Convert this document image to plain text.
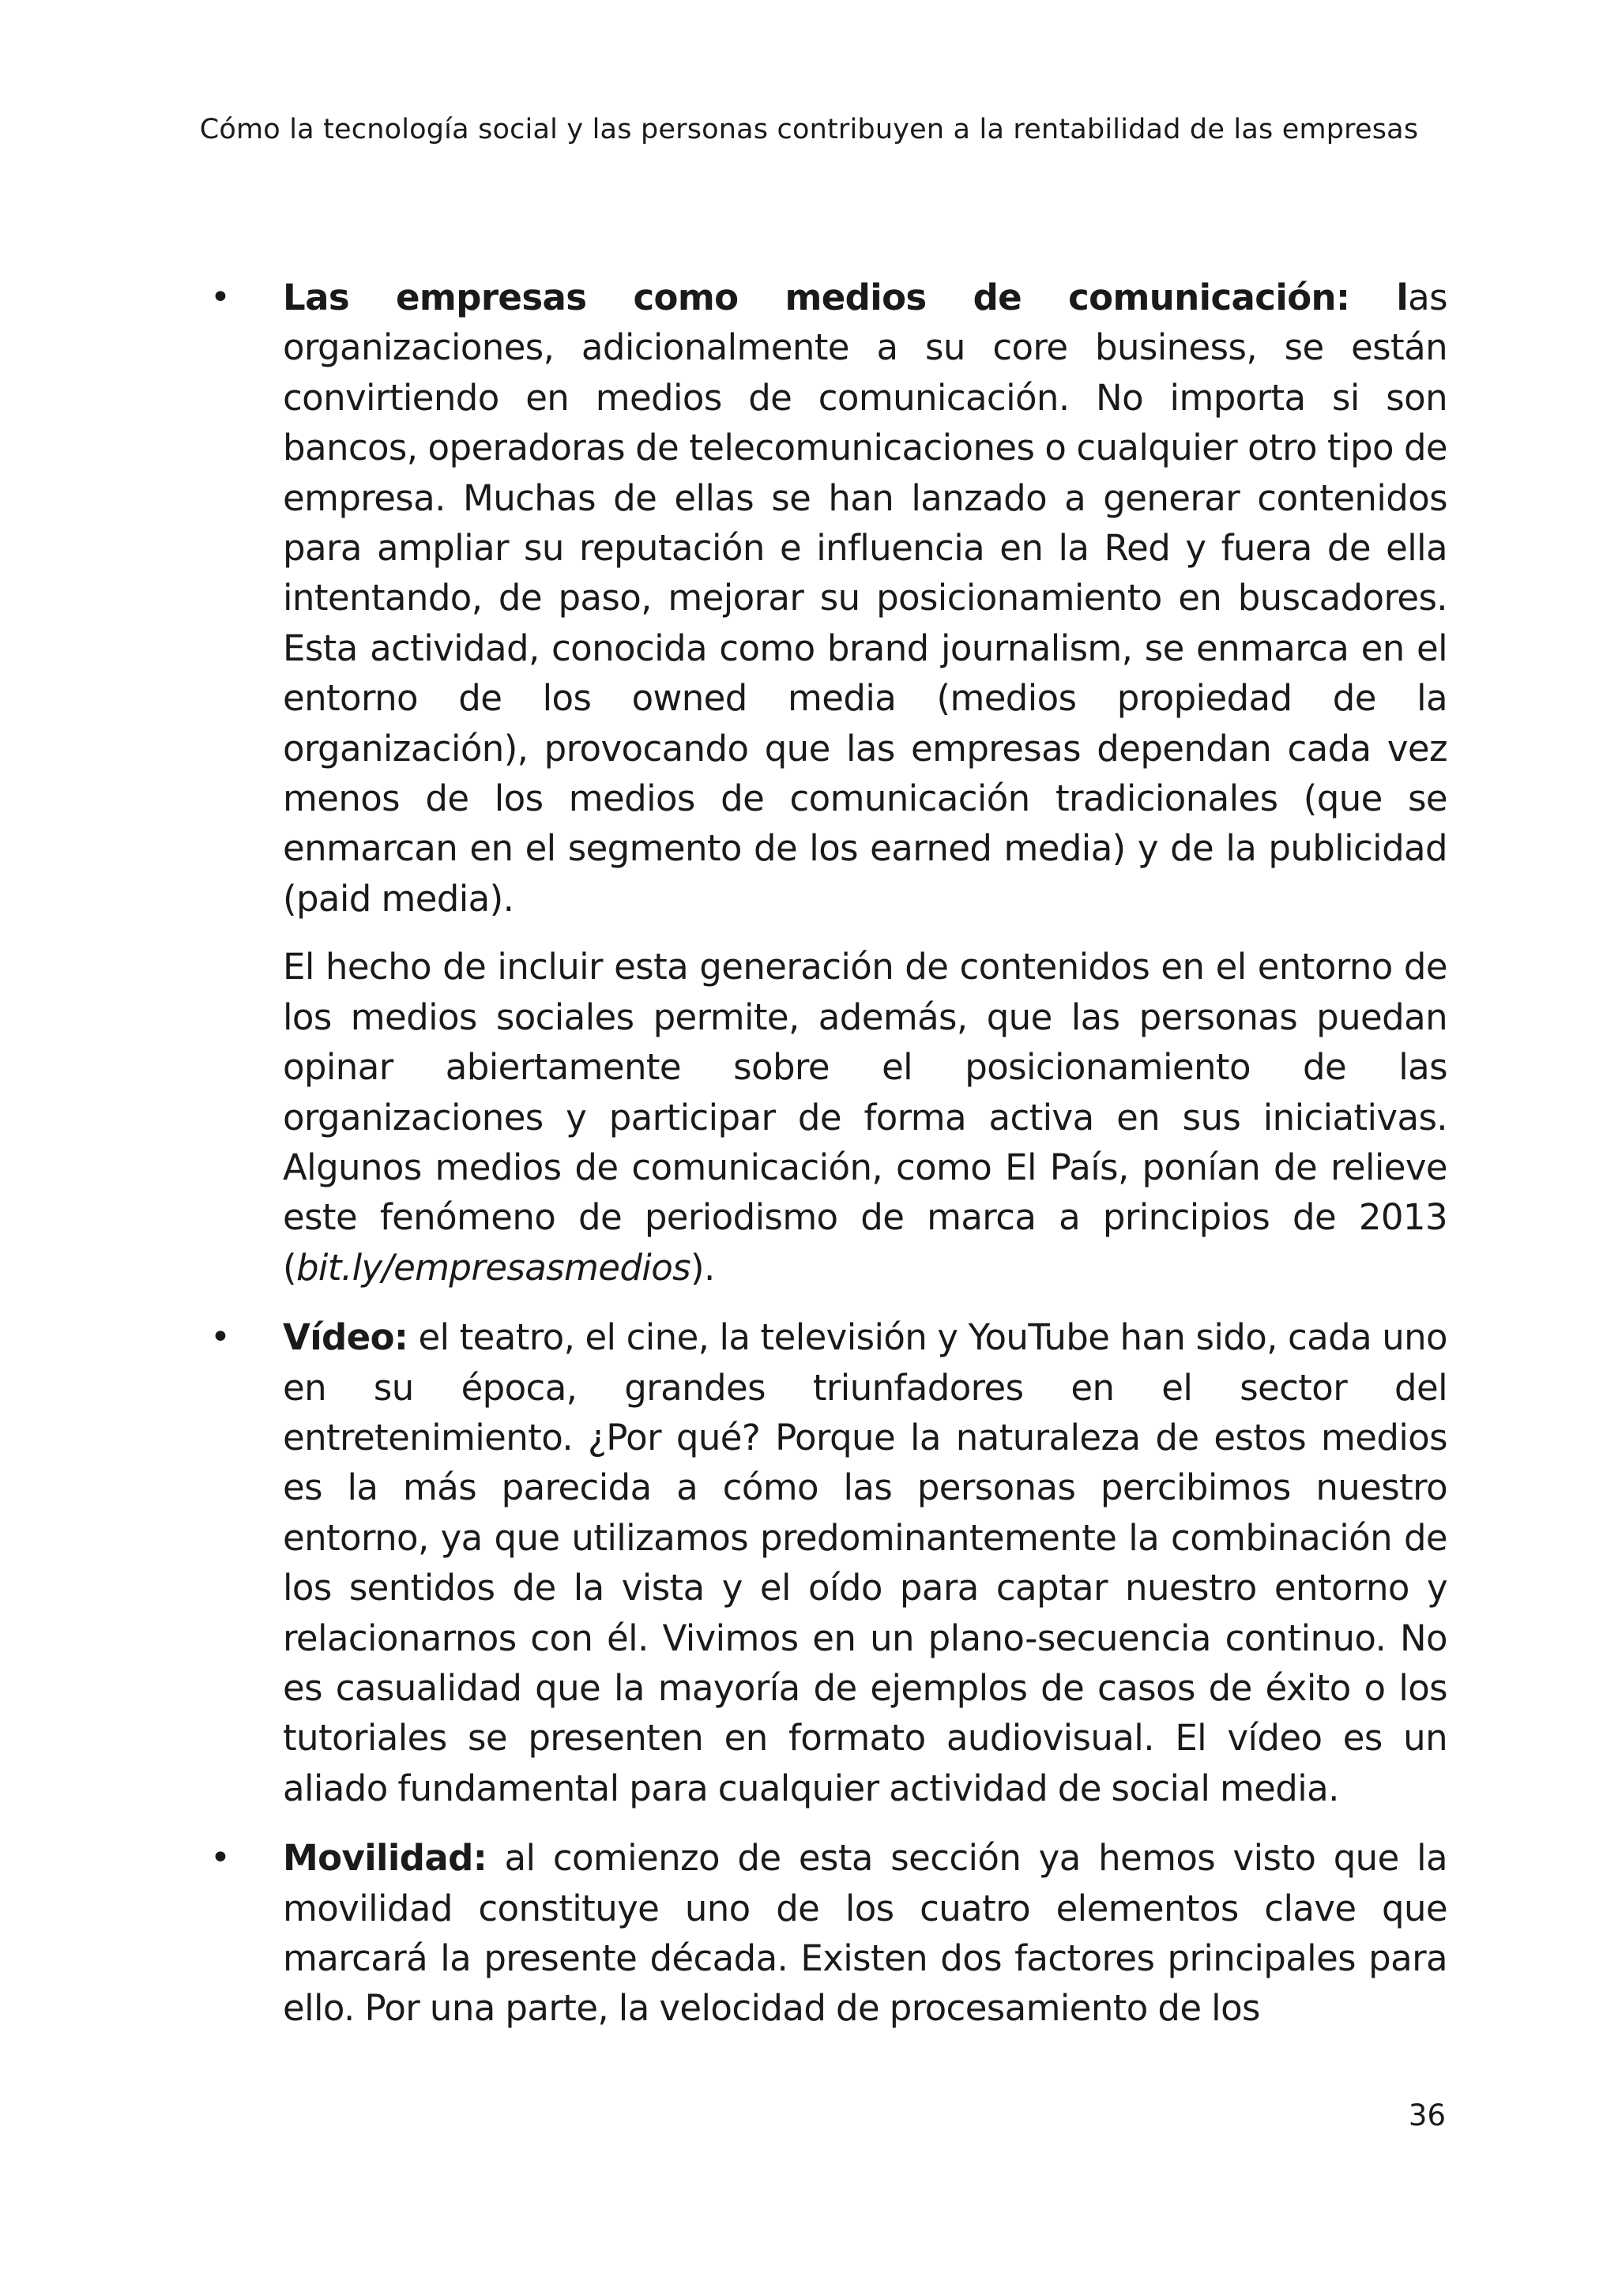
Cómo la tecnología social y las personas contribuyen a la rentabilidad de las empresas
• Las empresas como medios de comunicación: las organizaciones, adicionalmente a su core business, se están convirtiendo en medios de comunicación. No importa si son bancos, operadoras de telecomunicaciones o cualquier otro tipo de empresa. Muchas de ellas se han lanzado a generar contenidos para ampliar su reputación e influencia en la Red y fuera de ella intentando, de paso, mejorar su posicionamiento en buscadores. Esta actividad, conocida como brand journalism, se enmarca en el entorno de los owned media (medios propiedad de la organización), provocando que las empresas dependan cada vez menos de los medios de comunicación tradicionales (que se enmarcan en el segmento de los earned media) y de la publicidad (paid media).

El hecho de incluir esta generación de contenidos en el entorno de los medios sociales permite, además, que las personas puedan opinar abiertamente sobre el posicionamiento de las organizaciones y participar de forma activa en sus iniciativas. Algunos medios de comunicación, como El País, ponían de relieve este fenómeno de periodismo de marca a principios de 2013 (bit.ly/empresasmedios).

• Vídeo: el teatro, el cine, la televisión y YouTube han sido, cada uno en su época, grandes triunfadores en el sector del entretenimiento. ¿Por qué? Porque la naturaleza de estos medios es la más parecida a cómo las personas percibimos nuestro entorno, ya que utilizamos predominantemente la combinación de los sentidos de la vista y el oído para captar nuestro entorno y relacionarnos con él. Vivimos en un plano-secuencia continuo. No es casualidad que la mayoría de ejemplos de casos de éxito o los tutoriales se presenten en formato audiovisual. El vídeo es un aliado fundamental para cualquier actividad de social media.

• Movilidad: al comienzo de esta sección ya hemos visto que la movilidad constituye uno de los cuatro elementos clave que marcará la presente década. Existen dos factores principales para ello. Por una parte, la velocidad de procesamiento de los

36
